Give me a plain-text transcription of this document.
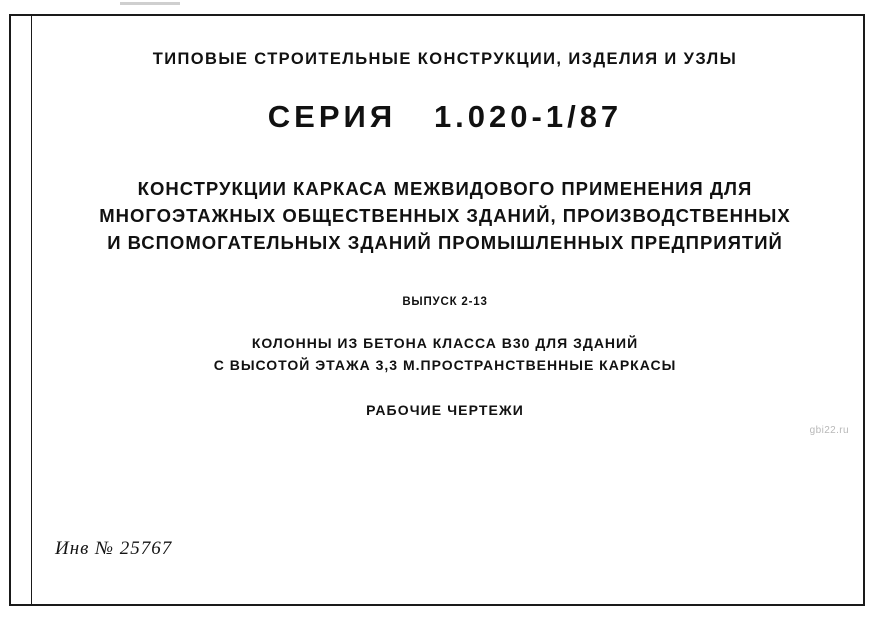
ТИПОВЫЕ СТРОИТЕЛЬНЫЕ КОНСТРУКЦИИ, ИЗДЕЛИЯ И УЗЛЫ
СЕРИЯ   1.020-1/87
КОНСТРУКЦИИ КАРКАСА МЕЖВИДОВОГО ПРИМЕНЕНИЯ ДЛЯ
МНОГОЭТАЖНЫХ ОБЩЕСТВЕННЫХ ЗДАНИЙ, ПРОИЗВОДСТВЕННЫХ
И ВСПОМОГАТЕЛЬНЫХ ЗДАНИЙ ПРОМЫШЛЕННЫХ ПРЕДПРИЯТИЙ
ВЫПУСК 2-13
КОЛОННЫ ИЗ БЕТОНА КЛАССА В30 ДЛЯ ЗДАНИЙ
С ВЫСОТОЙ ЭТАЖА 3,3 М.ПРОСТРАНСТВЕННЫЕ КАРКАСЫ
РАБОЧИЕ ЧЕРТЕЖИ
gbi22.ru
Инв № 25767
